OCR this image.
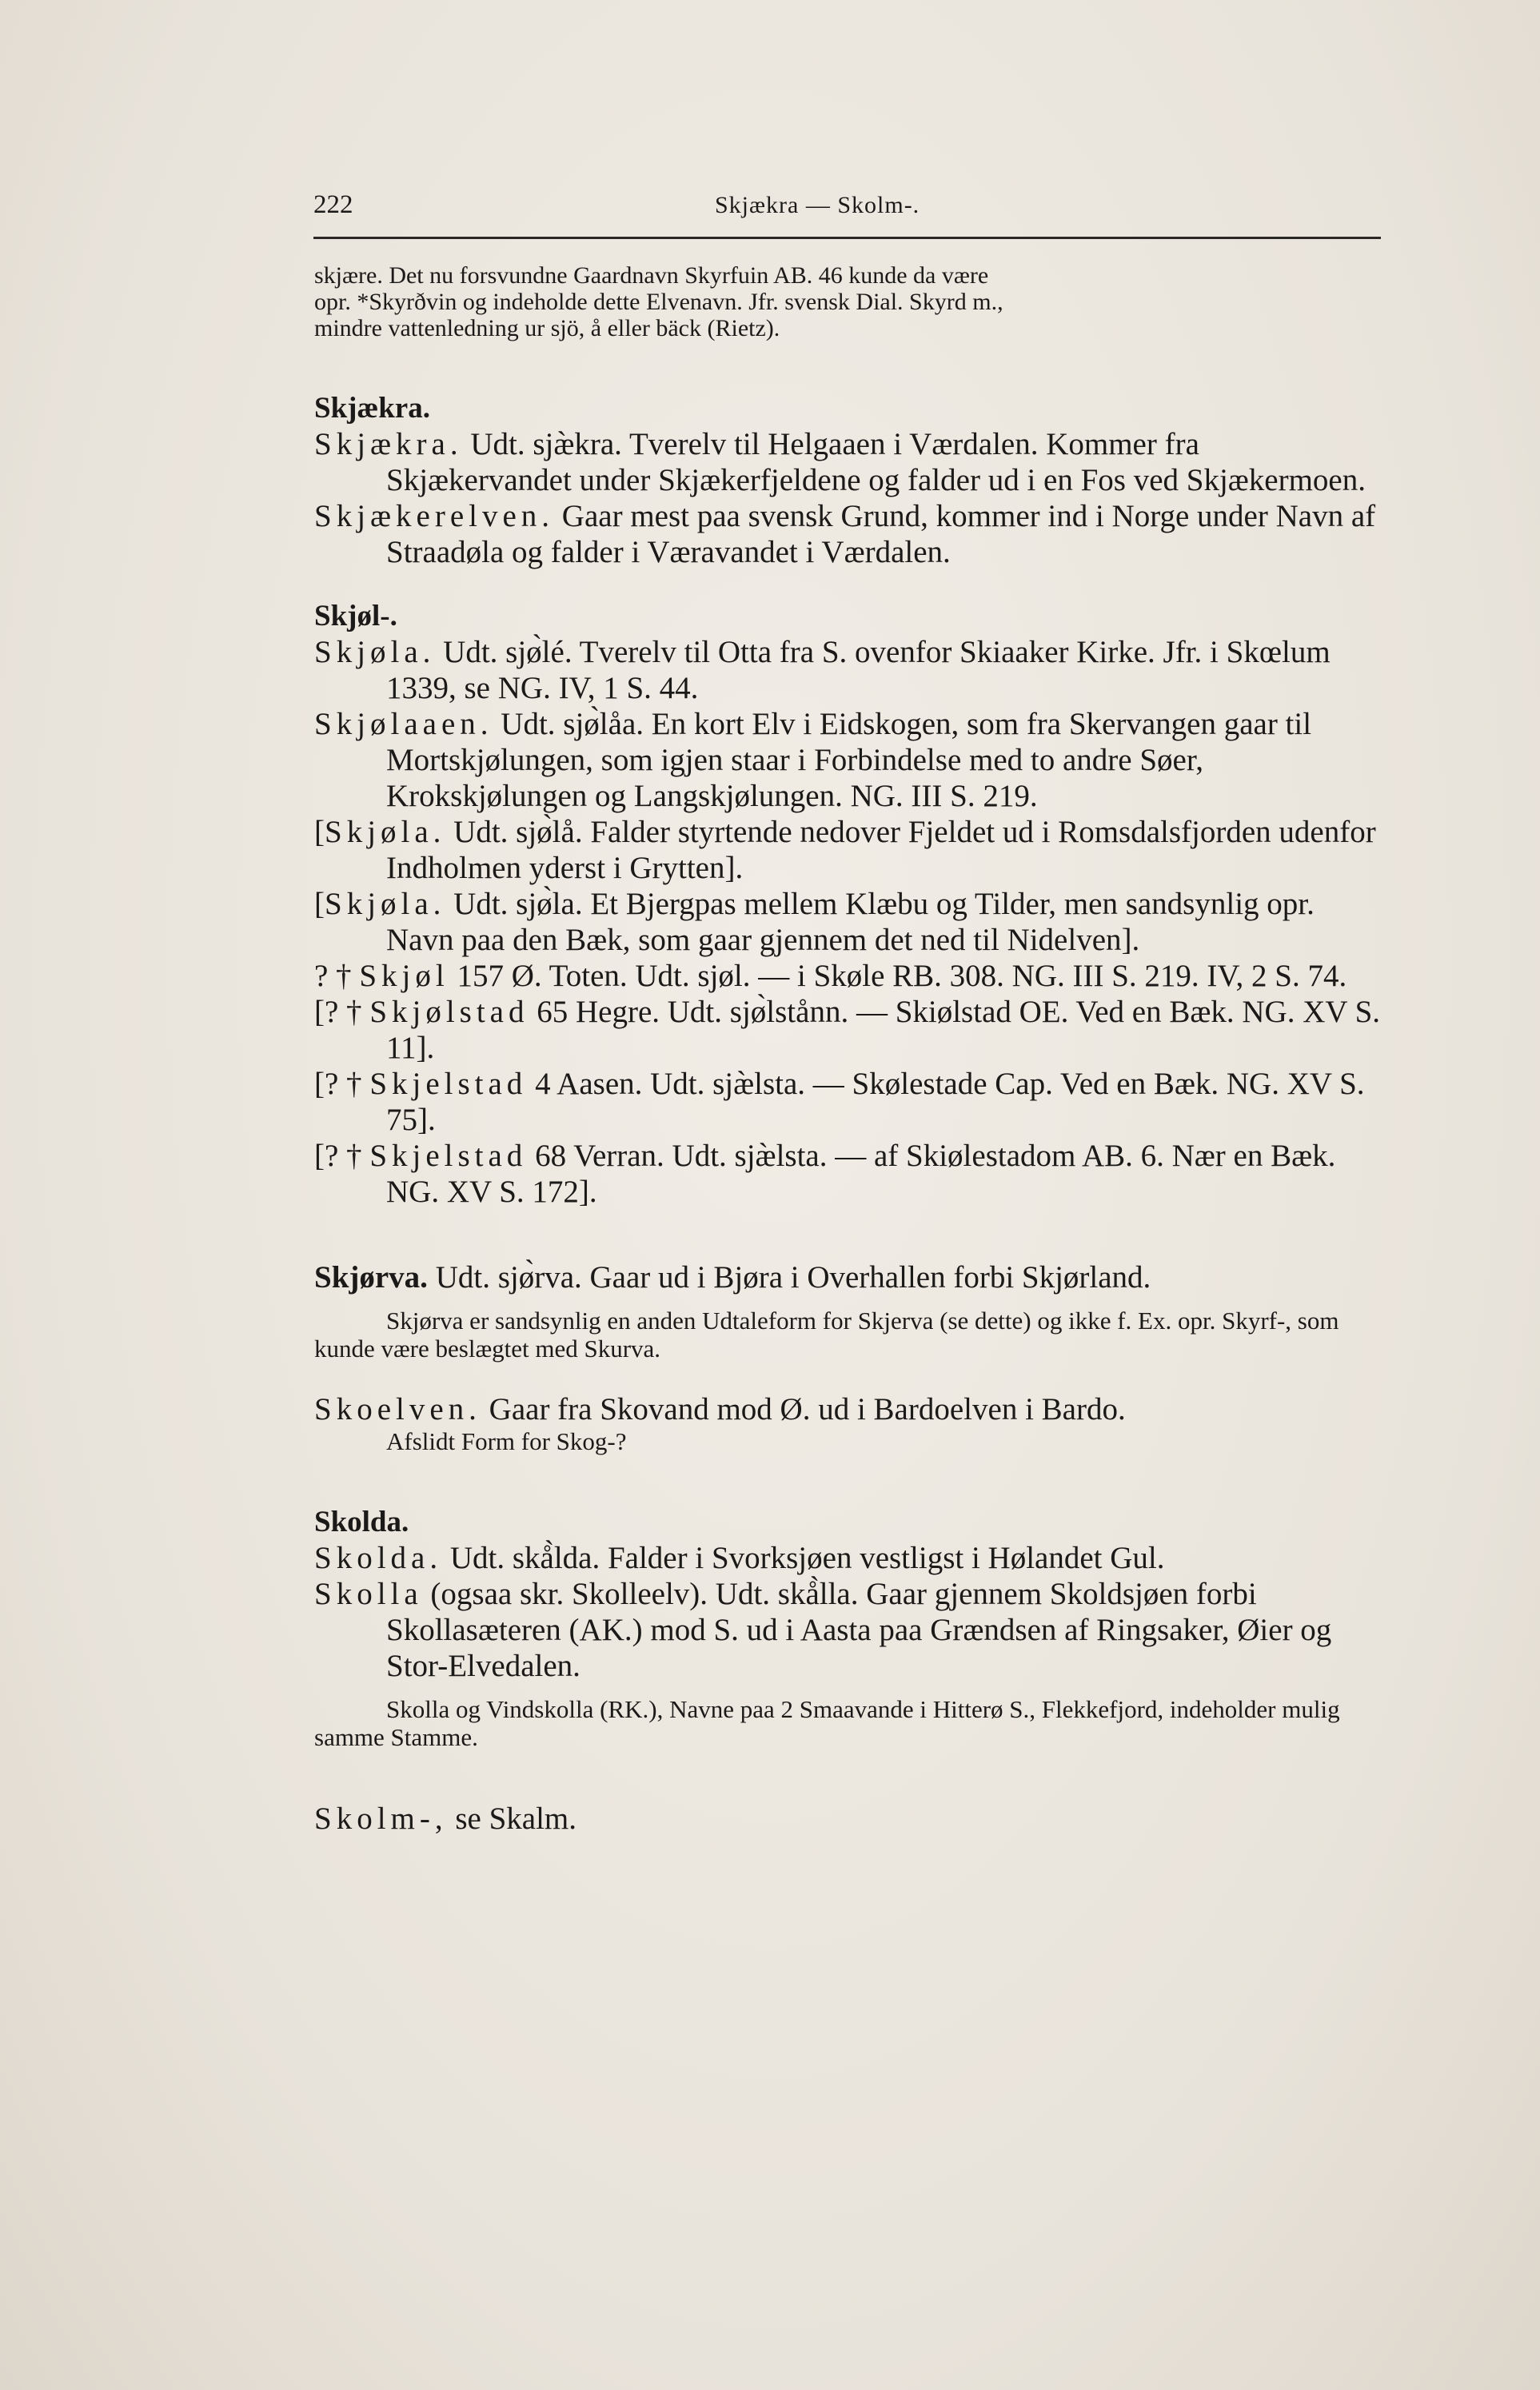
222	Skjækra — Skolm-.

skjære. Det nu forsvundne Gaardnavn Skyrfuin AB. 46 kunde da være

opr. *Skyrðvin og indeholde dette Elvenavn. Jfr. svensk Dial. Skyrd m.,

mindre vattenledning ur sjö, å eller bäck (Rietz).

Skjækra.

Skjækra. Udt. sjæ̀kra. Tverelv til Helgaaen i Værdalen. Kommer fra Skjækervandet under Skjækerfjeldene og falder ud i en Fos ved Skjækermoen.

Skjækerelven. Gaar mest paa svensk Grund, kommer ind i Norge under Navn af Straadøla og falder i Væravandet i Værdalen.

Skjøl-.

Skjøla. Udt. sjø̀lé. Tverelv til Otta fra S. ovenfor Skiaaker Kirke. Jfr. i Skœlum 1339, se NG. IV, 1 S. 44.

Skjølaaen. Udt. sjø̀låa. En kort Elv i Eidskogen, som fra Skervangen gaar til Mortskjølungen, som igjen staar i Forbindelse med to andre Søer, Krokskjølungen og Langskjølungen. NG. III S. 219.

[Skjøla. Udt. sjø̀lå. Falder styrtende nedover Fjeldet ud i Romsdalsfjorden udenfor Indholmen yderst i Grytten].

[Skjøla. Udt. sjø̀la. Et Bjergpas mellem Klæbu og Tilder, men sandsynlig opr. Navn paa den Bæk, som gaar gjennem det ned til Nidelven].

? † Skjøl 157 Ø. Toten. Udt. sjøl. — i Skøle RB. 308. NG. III S. 219. IV, 2 S. 74.

[? † Skjølstad 65 Hegre. Udt. sjø̀lstånn. — Skiølstad OE. Ved en Bæk. NG. XV S. 11].

[? † Skjelstad 4 Aasen. Udt. sjæ̀lsta. — Skølestade Cap. Ved en Bæk. NG. XV S. 75].

[? † Skjelstad 68 Verran. Udt. sjæ̀lsta. — af Skiølestadom AB. 6. Nær en Bæk. NG. XV S. 172].

Skjørva. Udt. sjø̀rva. Gaar ud i Bjøra i Overhallen forbi Skjørland.

Skjørva er sandsynlig en anden Udtaleform for Skjerva (se dette) og ikke f. Ex. opr. Skyrf-, som kunde være beslægtet med Skurva.

Skoelven. Gaar fra Skovand mod Ø. ud i Bardoelven i Bardo.

Afslidt Form for Skog-?

Skolda.

Skolda. Udt. skå̀lda. Falder i Svorksjøen vestligst i Hølandet Gul.

Skolla (ogsaa skr. Skolleelv). Udt. skå̀lla. Gaar gjennem Skoldsjøen forbi Skollasæteren (AK.) mod S. ud i Aasta paa Grændsen af Ringsaker, Øier og Stor-Elvedalen.

Skolla og Vindskolla (RK.), Navne paa 2 Smaavande i Hitterø S., Flekkefjord, indeholder mulig samme Stamme.

Skolm-, se Skalm.
